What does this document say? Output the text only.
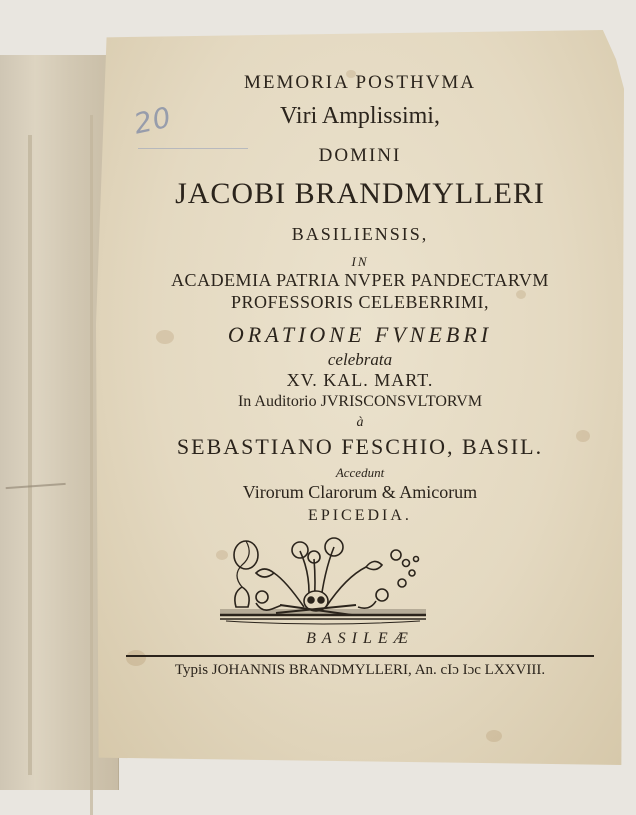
MEMORIA POSTHVMA
Viri Amplissimi,
DOMINI
JACOBI BRANDMYLLERI
BASILIENSIS,
IN
ACADEMIA PATRIA NVPER PANDECTARVM
PROFESSORIS CELEBERRIMI,
ORATIONE FVNEBRI
celebrata
XV. KAL. MART.
In Auditorio JVRISCONSVLTORVM
à
SEBASTIANO FESCHIO, BASIL.
Accedunt
Virorum Clarorum & Amicorum
EPICEDIA.
BASILEÆ
Typis JOHANNIS BRANDMYLLERI, An. cIɔ Iɔc LXXVIII.
20
